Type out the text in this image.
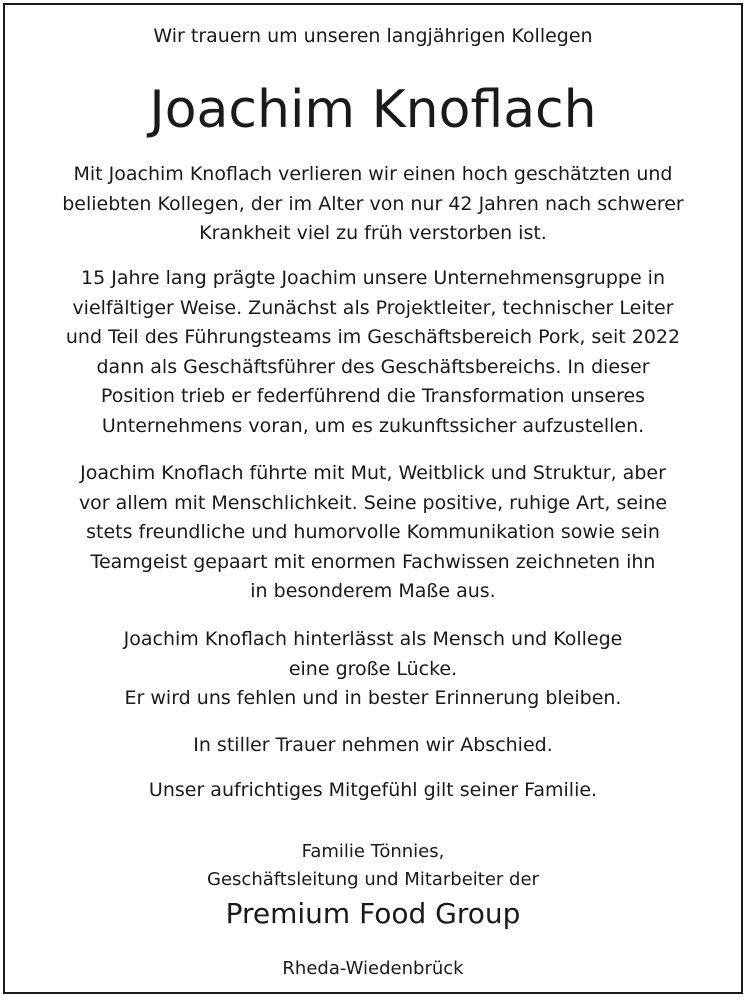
Wir trauern um unseren langjährigen Kollegen
Joachim Knoflach

Mit Joachim Knoflach verlieren wir einen hoch geschätzten und
beliebten Kollegen, der im Alter von nur 42 Jahren nach schwerer
Krankheit viel zu früh verstorben ist.

15 Jahre lang prägte Joachim unsere Unternehmensgruppe in
vielfältiger Weise. Zunächst als Projektleiter, technischer Leiter
und Teil des Führungsteams im Geschäftsbereich Pork, seit 2022
dann als Geschäftsführer des Geschäftsbereichs. In dieser
Position trieb er federführend die Transformation unseres
Unternehmens voran, um es zukunftssicher aufzustellen.

Joachim Knoflach führte mit Mut, Weitblick und Struktur, aber
vor allem mit Menschlichkeit. Seine positive, ruhige Art, seine
stets freundliche und humorvolle Kommunikation sowie sein
Teamgeist gepaart mit enormen Fachwissen zeichneten ihn
in besonderem Maße aus.

Joachim Knoflach hinterlässt als Mensch und Kollege
eine große Lücke.
Er wird uns fehlen und in bester Erinnerung bleiben.

In stiller Trauer nehmen wir Abschied.

Unser aufrichtiges Mitgefühl gilt seiner Familie.

Familie Tönnies,
Geschäftsleitung und Mitarbeiter der

Premium Food Group
Rheda-Wiedenbrück
